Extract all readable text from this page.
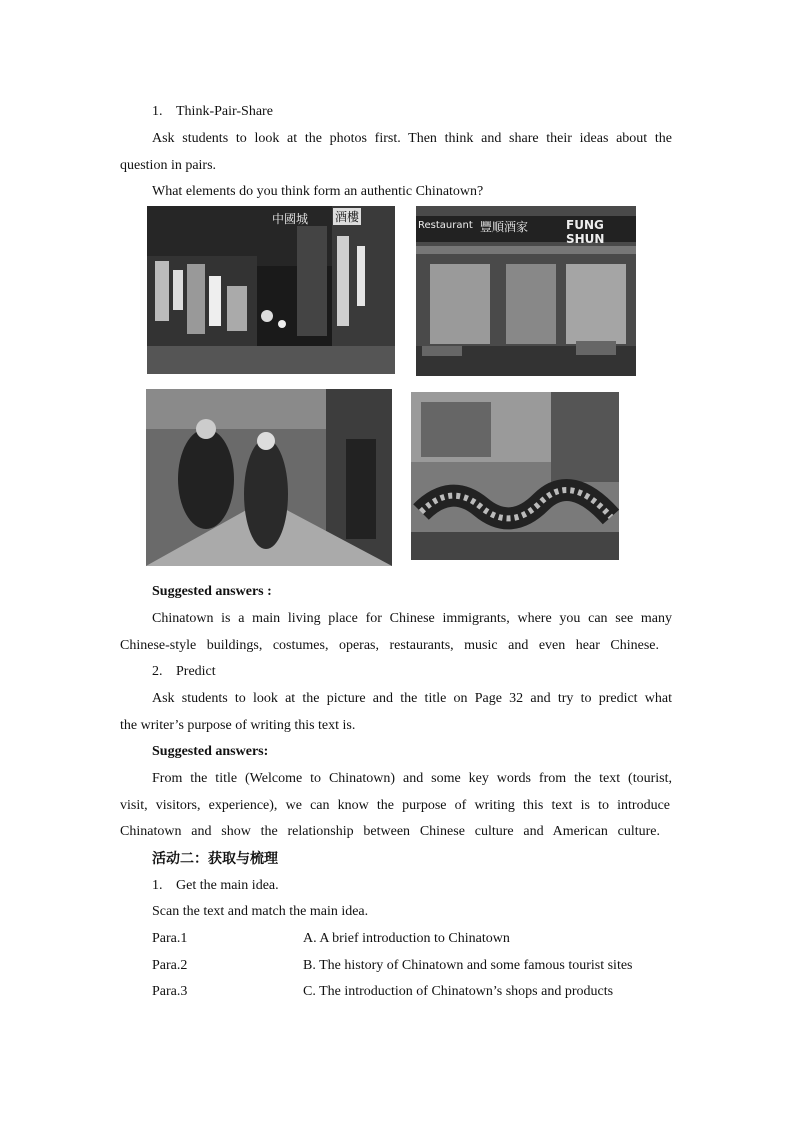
1. Think-Pair-Share
Ask students to look at the photos first. Then think and share their ideas about the
question in pairs.
What elements do you think form an authentic Chinatown?
中國城 酒樓
Restaurant 豐順酒家	FUNG SHUN
Suggested answers :
Chinatown is a main living place for Chinese immigrants, where you can see many
Chinese-style buildings, costumes, operas, restaurants, music and even hear Chinese.
2. Predict
Ask students to look at the picture and the title on Page 32 and try to predict what
the writer’s purpose of writing this text is.
Suggested answers:
From the title (Welcome to Chinatown) and some key words from the text (tourist,
visit, visitors, experience), we can know the purpose of writing this text is to introduce
Chinatown and show the relationship between Chinese culture and American culture.
活动二：获取与梳理
1. Get the main idea.
Scan the text and match the main idea.
Para.1	A. A brief introduction to Chinatown
Para.2	B. The history of Chinatown and some famous tourist sites
Para.3	C. The introduction of Chinatown’s shops and products
